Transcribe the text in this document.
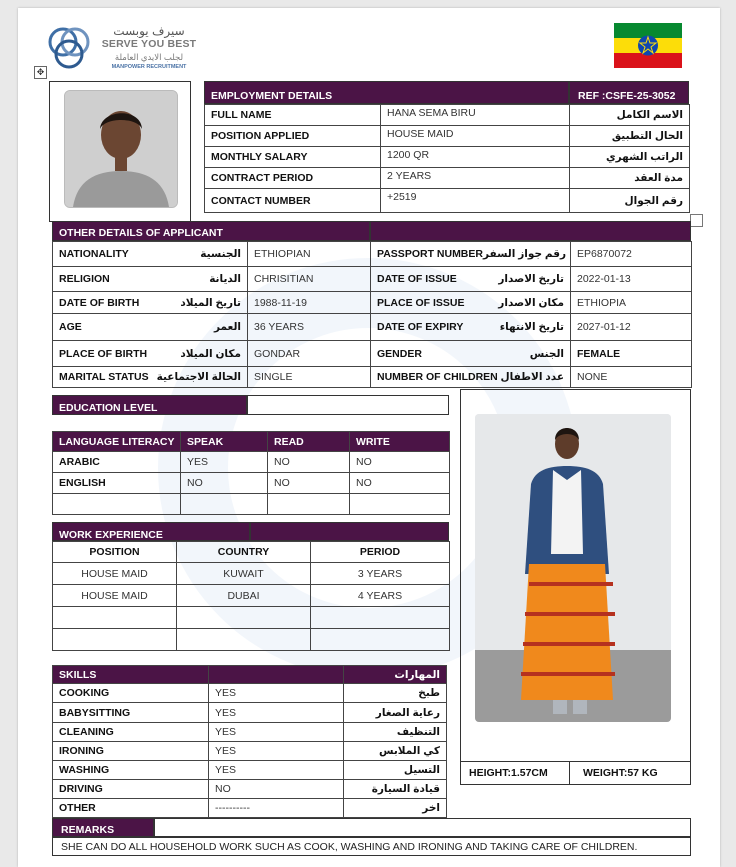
سيرف يوبست
SERVE YOU BEST
لجلب الايدي العاملة
MANPOWER RECRUITMENT
✥
EMPLOYMENT DETAILS	REF :CSFE-25-3052
FULL NAME	HANA SEMA BIRU	الاسم الكامل
POSITION APPLIED	HOUSE MAID	الحال التطبيق
MONTHLY SALARY	1200 QR	الراتب الشهري
CONTRACT PERIOD	2 YEARS	مدة العقد
CONTACT NUMBER	+2519	رقم الجوال
OTHER DETAILS OF APPLICANT
NATIONALITY الجنسية	ETHIOPIAN	PASSPORT NUMBER رقم جواز السفر	EP6870072

RELIGION الديانة	CHRISITIAN	DATE OF ISSUE تاريخ الاصدار	2022-01-13

DATE OF BIRTH تاريخ الميلاد	1988-11-19	PLACE OF ISSUE مكان الاصدار	ETHIOPIA

AGE العمر	36 YEARS	DATE OF EXPIRY تاريخ الانتهاء	2027-01-12

PLACE OF BIRTH مكان الميلاد	GONDAR	GENDER الجنس	FEMALE

MARITAL STATUS الحالة الاجتماعية	SINGLE	NUMBER OF CHILDREN عدد الاطفال	NONE
EDUCATION LEVEL
LANGUAGE LITERACY	SPEAK	READ	WRITE
ARABIC	YES	NO	NO
ENGLISH	NO	NO	NO

WORK EXPERIENCE
POSITION	COUNTRY	PERIOD
HOUSE MAID	KUWAIT	3 YEARS
HOUSE MAID	DUBAI	4 YEARS

SKILLS		المهارات
COOKING	YES	طبخ
BABYSITTING	YES	رعاية الصغار
CLEANING	YES	التنظيف
IRONING	YES	كي الملابس
WASHING	YES	التسيل
DRIVING	NO	قيادة السيارة
OTHER	----------	اخر
HEIGHT:1.57CM	WEIGHT:57 KG
REMARKS
SHE CAN DO ALL HOUSEHOLD WORK SUCH AS COOK, WASHING AND IRONING AND TAKING CARE OF CHILDREN.
